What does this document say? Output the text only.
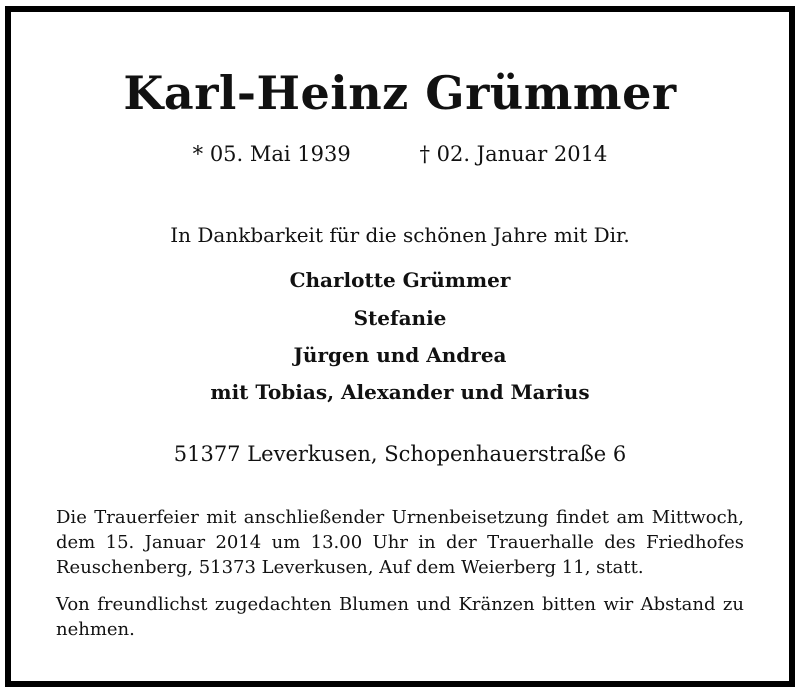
Karl-Heinz Grümmer
* 05. Mai 1939	† 02. Januar 2014
In Dankbarkeit für die schönen Jahre mit Dir.
Charlotte Grümmer
Stefanie
Jürgen und Andrea
mit Tobias, Alexander und Marius
51377 Leverkusen, Schopenhauerstraße 6
Die Trauerfeier mit anschließender Urnenbeisetzung findet am Mittwoch, dem 15. Januar 2014 um 13.00 Uhr in der Trauerhalle des Friedhofes Reuschenberg, 51373 Leverkusen, Auf dem Weierberg 11, statt.
Von freundlichst zugedachten Blumen und Kränzen bitten wir Abstand zu nehmen.
